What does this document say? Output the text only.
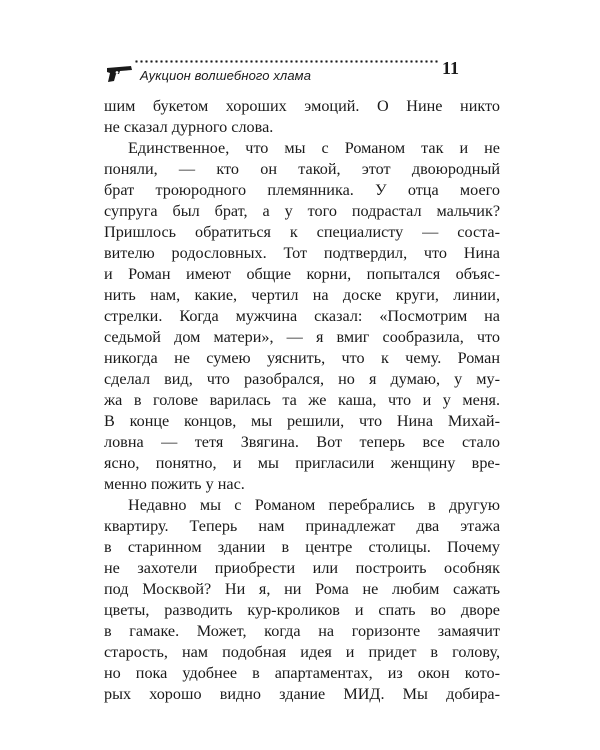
Аукцион волшебного хлама	11
шим букетом хороших эмоций. О Нине никто
не сказал дурного слова.
Единственное, что мы с Романом так и не
поняли, — кто он такой, этот двоюродный
брат троюродного племянника. У отца моего
супруга был брат, а у того подрастал мальчик?
Пришлось обратиться к специалисту — соста-
вителю родословных. Тот подтвердил, что Нина
и Роман имеют общие корни, попытался объяс-
нить нам, какие, чертил на доске круги, линии,
стрелки. Когда мужчина сказал: «Посмотрим на
седьмой дом матери», — я вмиг сообразила, что
никогда не сумею уяснить, что к чему. Роман
сделал вид, что разобрался, но я думаю, у му-
жа в голове варилась та же каша, что и у меня.
В конце концов, мы решили, что Нина Михай-
ловна — тетя Звягина. Вот теперь все стало
ясно, понятно, и мы пригласили женщину вре-
менно пожить у нас.
Недавно мы с Романом перебрались в другую
квартиру. Теперь нам принадлежат два этажа
в старинном здании в центре столицы. Почему
не захотели приобрести или построить особняк
под Москвой? Ни я, ни Рома не любим сажать
цветы, разводить кур-кроликов и спать во дворе
в гамаке. Может, когда на горизонте замаячит
старость, нам подобная идея и придет в голову,
но пока удобнее в апартаментах, из окон кото-
рых хорошо видно здание МИД. Мы добира-
